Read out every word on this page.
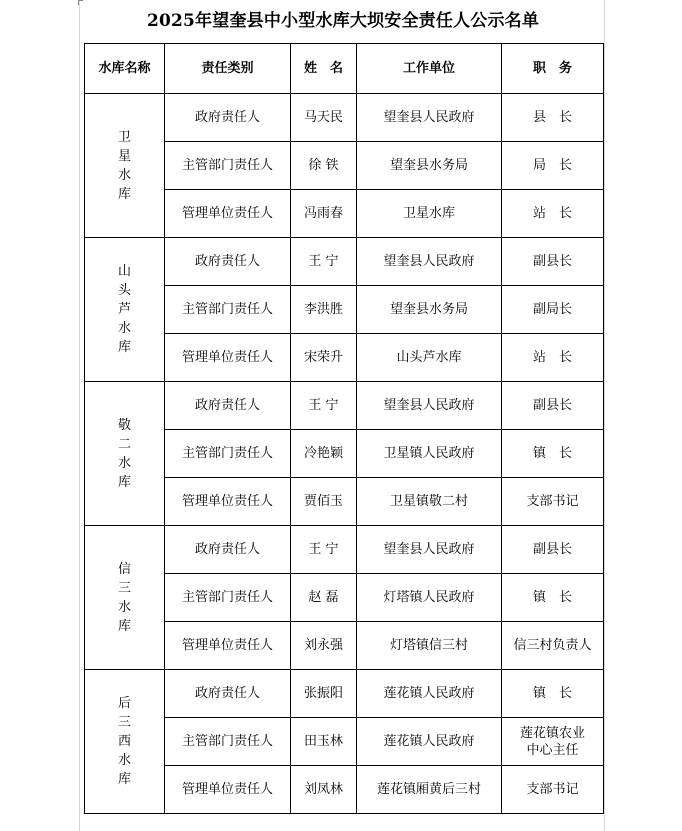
2025年望奎县中小型水库大坝安全责任人公示名单
水库名称	责任类别	姓　名	工作单位	职　务
卫星水库	政府责任人	马天民	望奎县人民政府	县　长
	主管部门责任人	徐 铁	望奎县水务局	局　长
	管理单位责任人	冯雨春	卫星水库	站　长
山头芦水库	政府责任人	王 宁	望奎县人民政府	副县长
	主管部门责任人	李洪胜	望奎县水务局	副局长
	管理单位责任人	宋荣升	山头芦水库	站　长
敬二水库	政府责任人	王 宁	望奎县人民政府	副县长
	主管部门责任人	冷艳颖	卫星镇人民政府	镇　长
	管理单位责任人	贾佰玉	卫星镇敬二村	支部书记
信三水库	政府责任人	王 宁	望奎县人民政府	副县长
	主管部门责任人	赵 磊	灯塔镇人民政府	镇　长
	管理单位责任人	刘永强	灯塔镇信三村	信三村负责人
后三西水库	政府责任人	张振阳	莲花镇人民政府	镇　长
	主管部门责任人	田玉林	莲花镇人民政府	莲花镇农业中心主任
	管理单位责任人	刘凤林	莲花镇厢黄后三村	支部书记
